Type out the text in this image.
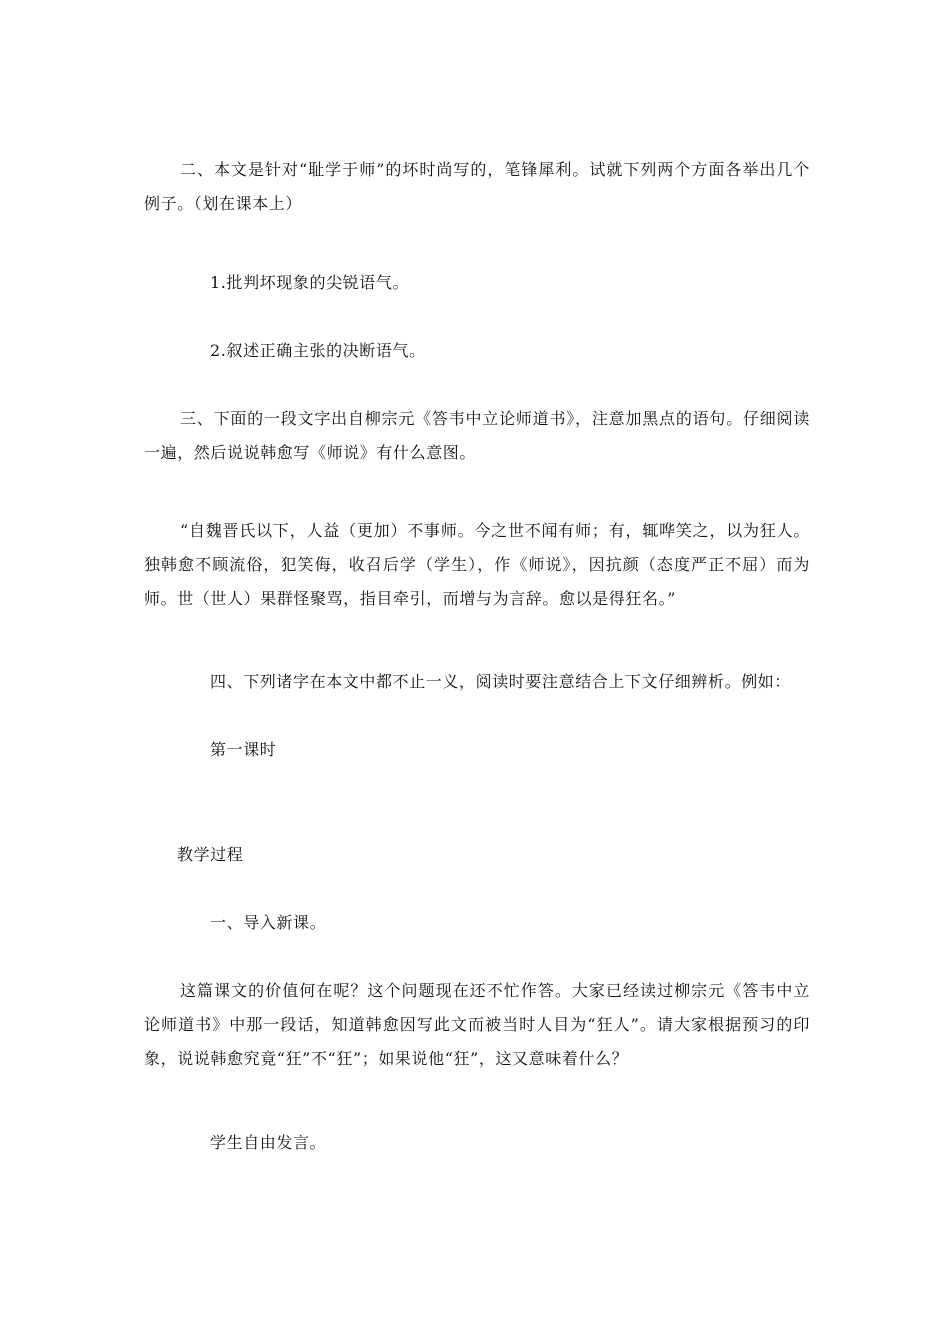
二、本文是针对“耻学于师”的坏时尚写的，笔锋犀利。试就下列两个方面各举出几个例子。（划在课本上）

1.批判坏现象的尖锐语气。

2.叙述正确主张的决断语气。

三、下面的一段文字出自柳宗元《答韦中立论师道书》，注意加黑点的语句。仔细阅读一遍，然后说说韩愈写《师说》有什么意图。

“自魏晋氏以下，人益（更加）不事师。今之世不闻有师；有，辄哗笑之，以为狂人。独韩愈不顾流俗，犯笑侮，收召后学（学生），作《师说》，因抗颜（态度严正不屈）而为师。世（世人）果群怪聚骂，指目牵引，而增与为言辞。愈以是得狂名。”

四、下列诸字在本文中都不止一义，阅读时要注意结合上下文仔细辨析。例如：

第一课时

教学过程

一、导入新课。

这篇课文的价值何在呢？这个问题现在还不忙作答。大家已经读过柳宗元《答韦中立论师道书》中那一段话，知道韩愈因写此文而被当时人目为“狂人”。请大家根据预习的印象，说说韩愈究竟“狂”不“狂”；如果说他“狂”，这又意味着什么？

学生自由发言。
